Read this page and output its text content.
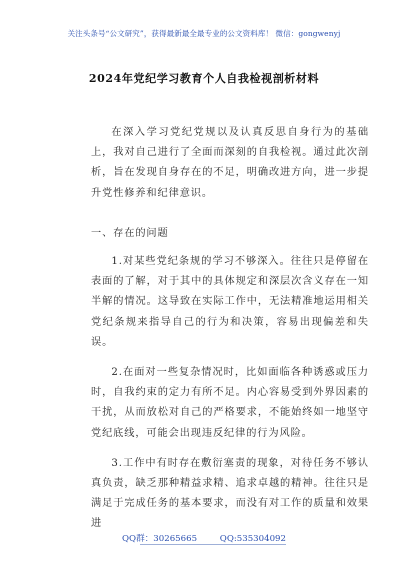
关注头条号“公文研究”，获得最新最全最专业的公文资料库！ 微信：gongwenyj
2024年党纪学习教育个人自我检视剖析材料

在深入学习党纪党规以及认真反思自身行为的基础上，我对自己进行了全面而深刻的自我检视。通过此次剖析，旨在发现自身存在的不足，明确改进方向，进一步提升党性修养和纪律意识。

一、存在的问题

1.对某些党纪条规的学习不够深入。往往只是停留在表面的了解，对于其中的具体规定和深层次含义存在一知半解的情况。这导致在实际工作中，无法精准地运用相关党纪条规来指导自己的行为和决策，容易出现偏差和失误。

2.在面对一些复杂情况时，比如面临各种诱惑或压力时，自我约束的定力有所不足。内心容易受到外界因素的干扰，从而放松对自己的严格要求，不能始终如一地坚守党纪底线，可能会出现违反纪律的行为风险。

3.工作中有时存在敷衍塞责的现象，对待任务不够认真负责，缺乏那种精益求精、追求卓越的精神。往往只是满足于完成任务的基本要求，而没有对工作的质量和效果进

QQ群：30265665	QQ:535304092
